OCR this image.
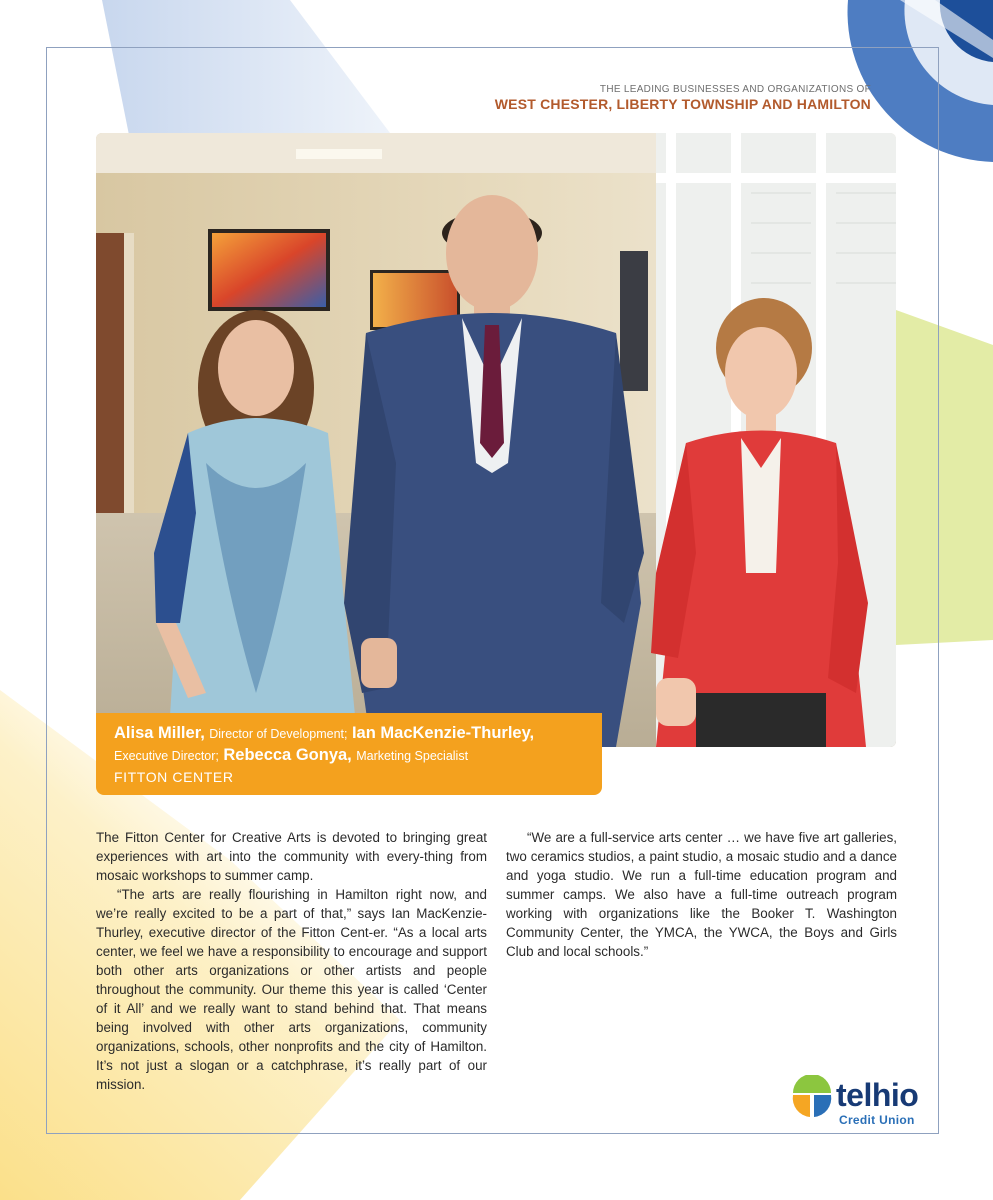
THE LEADING BUSINESSES AND ORGANIZATIONS OF
WEST CHESTER, LIBERTY TOWNSHIP AND HAMILTON
Alisa Miller, Director of Development; Ian MacKenzie-Thurley,
Executive Director; Rebecca Gonya, Marketing Specialist
FITTON CENTER

The Fitton Center for Creative Arts is devoted to bringing great experiences with art into the community with every-thing from mosaic workshops to summer camp.

“The arts are really flourishing in Hamilton right now, and we’re really excited to be a part of that,” says Ian MacKenzie-Thurley, executive director of the Fitton Cent-er. “As a local arts center, we feel we have a responsibility to encourage and support both other arts organizations or other artists and people throughout the community. Our theme this year is called ‘Center of it All’ and we really want to stand behind that. That means being involved with other arts organizations, community organizations, schools, other nonprofits and the city of Hamilton. It’s not just a slogan or a catchphrase, it’s really part of our mission.

“We are a full-service arts center … we have five art galleries, two ceramics studios, a paint studio, a mosaic studio and a dance and yoga studio. We run a full-time education program and summer camps. We also have a full-time outreach program working with organizations like the Booker T. Washington Community Center, the YMCA, the YWCA, the Boys and Girls Club and local schools.”

telhio
Credit Union
